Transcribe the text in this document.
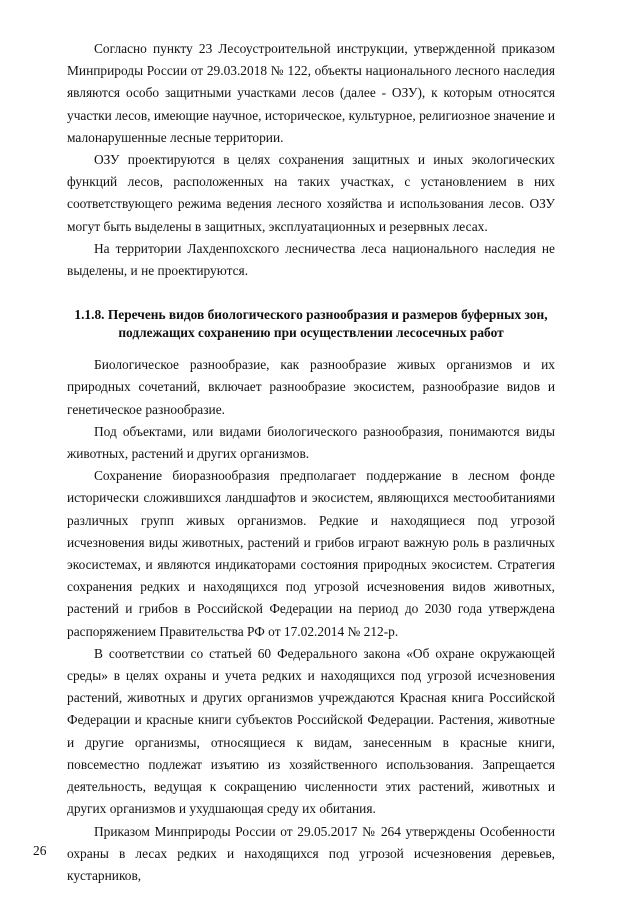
Согласно пункту 23 Лесоустроительной инструкции, утвержденной приказом Минприроды России от 29.03.2018 № 122, объекты национального лесного наследия являются особо защитными участками лесов (далее - ОЗУ), к которым относятся участки лесов, имеющие научное, историческое, культурное, религиозное значение и малонарушенные лесные территории.

ОЗУ проектируются в целях сохранения защитных и иных экологических функций лесов, расположенных на таких участках, с установлением в них соответствующего режима ведения лесного хозяйства и использования лесов. ОЗУ могут быть выделены в защитных, эксплуатационных и резервных лесах.

На территории Лахденпохского лесничества леса национального наследия не выделены, и не проектируются.

1.1.8. Перечень видов биологического разнообразия и размеров буферных зон,
подлежащих сохранению при осуществлении лесосечных работ

Биологическое разнообразие, как разнообразие живых организмов и их природных сочетаний, включает разнообразие экосистем, разнообразие видов и генетическое разнообразие.

Под объектами, или видами биологического разнообразия, понимаются виды животных, растений и других организмов.

Сохранение биоразнообразия предполагает поддержание в лесном фонде исторически сложившихся ландшафтов и экосистем, являющихся местообитаниями различных групп живых организмов. Редкие и находящиеся под угрозой исчезновения виды животных, растений и грибов играют важную роль в различных экосистемах, и являются индикаторами состояния природных экосистем. Стратегия сохранения редких и находящихся под угрозой исчезновения видов животных, растений и грибов в Российской Федерации на период до 2030 года утверждена распоряжением Правительства РФ от 17.02.2014 № 212-р.

В соответствии со статьей 60 Федерального закона «Об охране окружающей среды» в целях охраны и учета редких и находящихся под угрозой исчезновения растений, животных и других организмов учреждаются Красная книга Российской Федерации и красные книги субъектов Российской Федерации. Растения, животные и другие организмы, относящиеся к видам, занесенным в красные книги, повсеместно подлежат изъятию из хозяйственного использования. Запрещается деятельность, ведущая к сокращению численности этих растений, животных и других организмов и ухудшающая среду их обитания.

Приказом Минприроды России от 29.05.2017 № 264 утверждены Особенности охраны в лесах редких и находящихся под угрозой исчезновения деревьев, кустарников,

26
